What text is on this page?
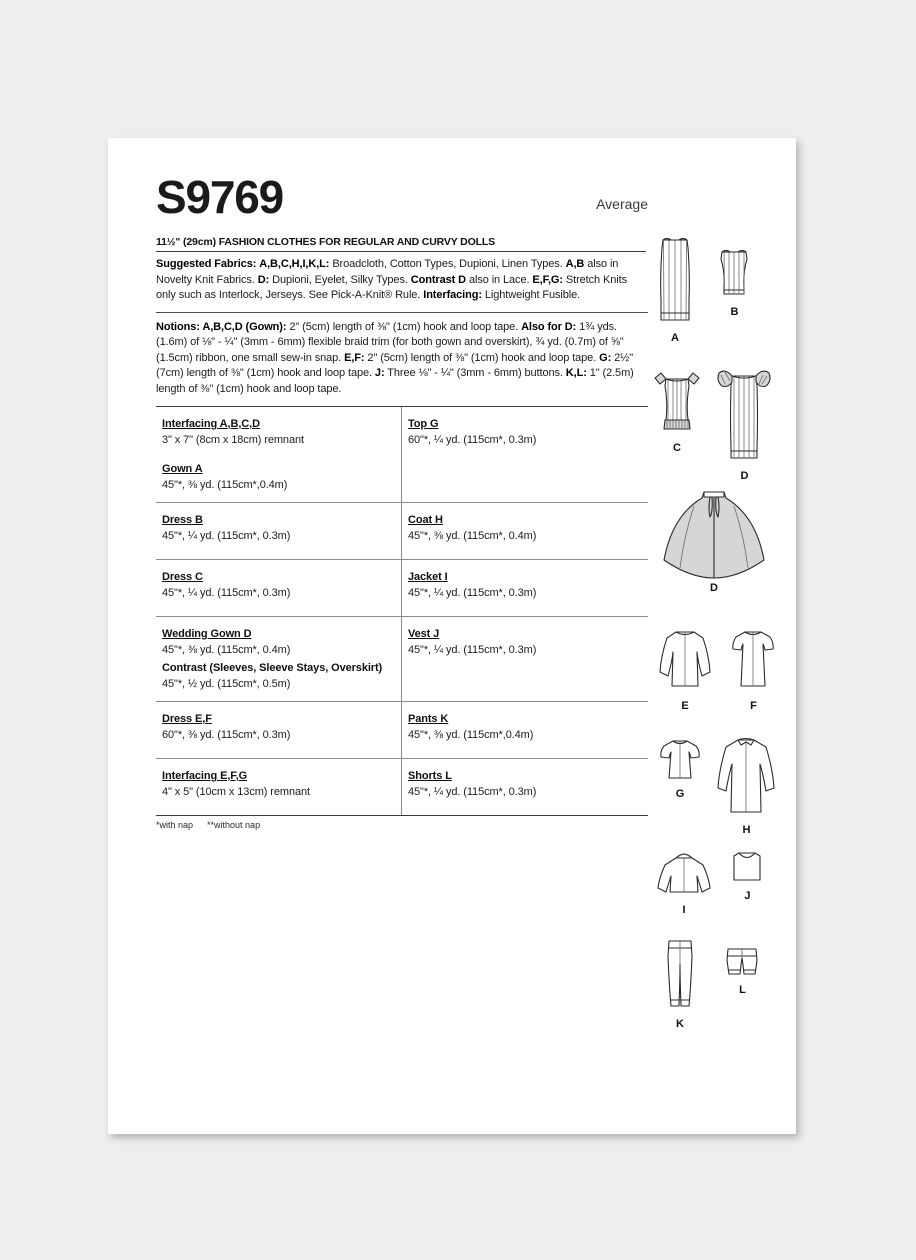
S9769	Average
11½" (29cm) FASHION CLOTHES FOR REGULAR AND CURVY DOLLS
Suggested Fabrics: A,B,C,H,I,K,L: Broadcloth, Cotton Types, Dupioni, Linen Types. A,B also in Novelty Knit Fabrics. D: Dupioni, Eyelet, Silky Types. Contrast D also in Lace. E,F,G: Stretch Knits only such as Interlock, Jerseys. See Pick-A-Knit® Rule. Interfacing: Lightweight Fusible.
Notions: A,B,C,D (Gown): 2" (5cm) length of ⅜" (1cm) hook and loop tape. Also for D: 1¾ yds. (1.6m) of ⅛" - ¼" (3mm - 6mm) flexible braid trim (for both gown and overskirt), ¾ yd. (0.7m) of ⅝" (1.5cm) ribbon, one small sew-in snap. E,F: 2" (5cm) length of ⅜" (1cm) hook and loop tape. G: 2½" (7cm) length of ⅜" (1cm) hook and loop tape. J: Three ⅛" - ¼" (3mm - 6mm) buttons. K,L: 1" (2.5m) length of ⅜" (1cm) hook and loop tape.
Interfacing A,B,C,D
3" x 7" (8cm x 18cm) remnant
Gown A
45"*, ⅜ yd. (115cm*,0.4m)
Top G
60"*, ¼ yd. (115cm*, 0.3m)
Dress B
45"*, ¼ yd. (115cm*, 0.3m)
Coat H
45"*, ⅜ yd. (115cm*, 0.4m)
Dress C
45"*, ¼ yd. (115cm*, 0.3m)
Jacket I
45"*, ¼ yd. (115cm*, 0.3m)
Wedding Gown D
45"*, ⅜ yd. (115cm*, 0.4m)
Contrast (Sleeves, Sleeve Stays, Overskirt)
45"*, ½ yd. (115cm*, 0.5m)
Vest J
45"*, ¼ yd. (115cm*, 0.3m)
Dress E,F
60"*, ⅜ yd. (115cm*, 0.3m)
Pants K
45"*, ⅜ yd. (115cm*,0.4m)
Interfacing E,F,G
4" x 5" (10cm x 13cm) remnant
Shorts L
45"*, ¼ yd. (115cm*, 0.3m)
*with nap **without nap
A

B
C

D
D
E
	F
G

H
I

J
K

L
